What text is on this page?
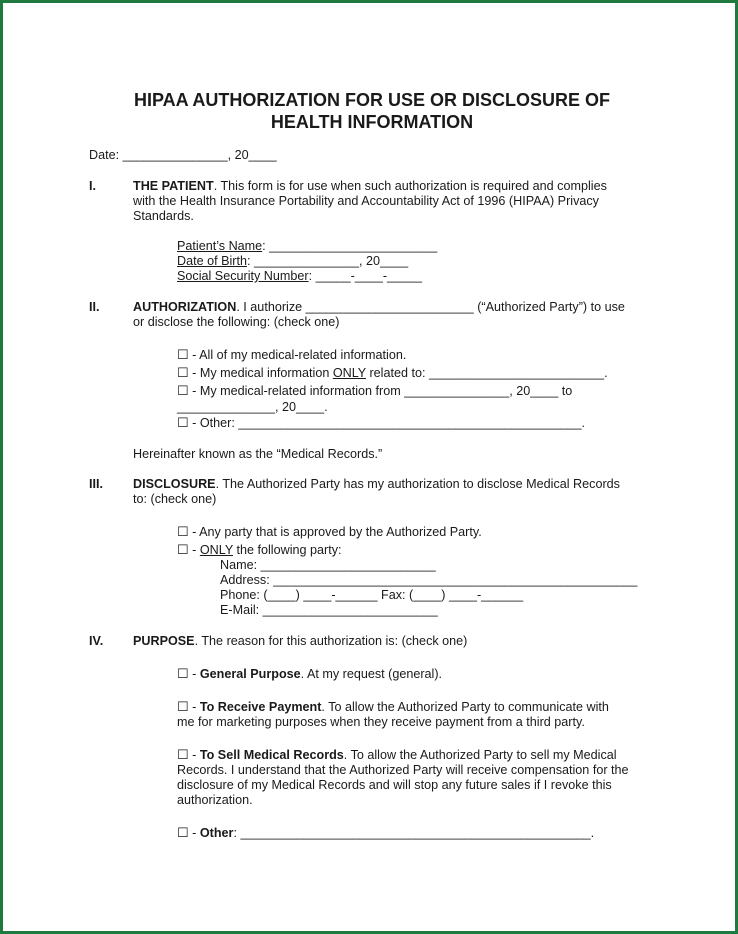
HIPAA AUTHORIZATION FOR USE OR DISCLOSURE OF
HEALTH INFORMATION
Date: _______________, 20____
I.	THE PATIENT. This form is for use when such authorization is required and complies
with the Health Insurance Portability and Accountability Act of 1996 (HIPAA) Privacy
Standards.
Patient’s Name: ________________________
Date of Birth: _______________, 20____
Social Security Number: _____-____-_____
II.	AUTHORIZATION. I authorize ________________________ (“Authorized Party”) to use
or disclose the following: (check one)
☐ - All of my medical-related information.
☐ - My medical information ONLY related to: _________________________.
☐ - My medical-related information from _______________, 20____ to
______________, 20____.
☐ - Other: _________________________________________________.
Hereinafter known as the “Medical Records.”
III. DISCLOSURE. The Authorized Party has my authorization to disclose Medical Records
to: (check one)
☐ - Any party that is approved by the Authorized Party.
☐ - ONLY the following party:
Name: _________________________
Address: ____________________________________________________
Phone: (____) ____-______ Fax: (____) ____-______
E-Mail: _________________________
IV. PURPOSE. The reason for this authorization is: (check one)
☐ - General Purpose. At my request (general).
☐ - To Receive Payment. To allow the Authorized Party to communicate with
me for marketing purposes when they receive payment from a third party.
☐ - To Sell Medical Records. To allow the Authorized Party to sell my Medical
Records. I understand that the Authorized Party will receive compensation for the
disclosure of my Medical Records and will stop any future sales if I revoke this
authorization.
☐ - Other: __________________________________________________.
